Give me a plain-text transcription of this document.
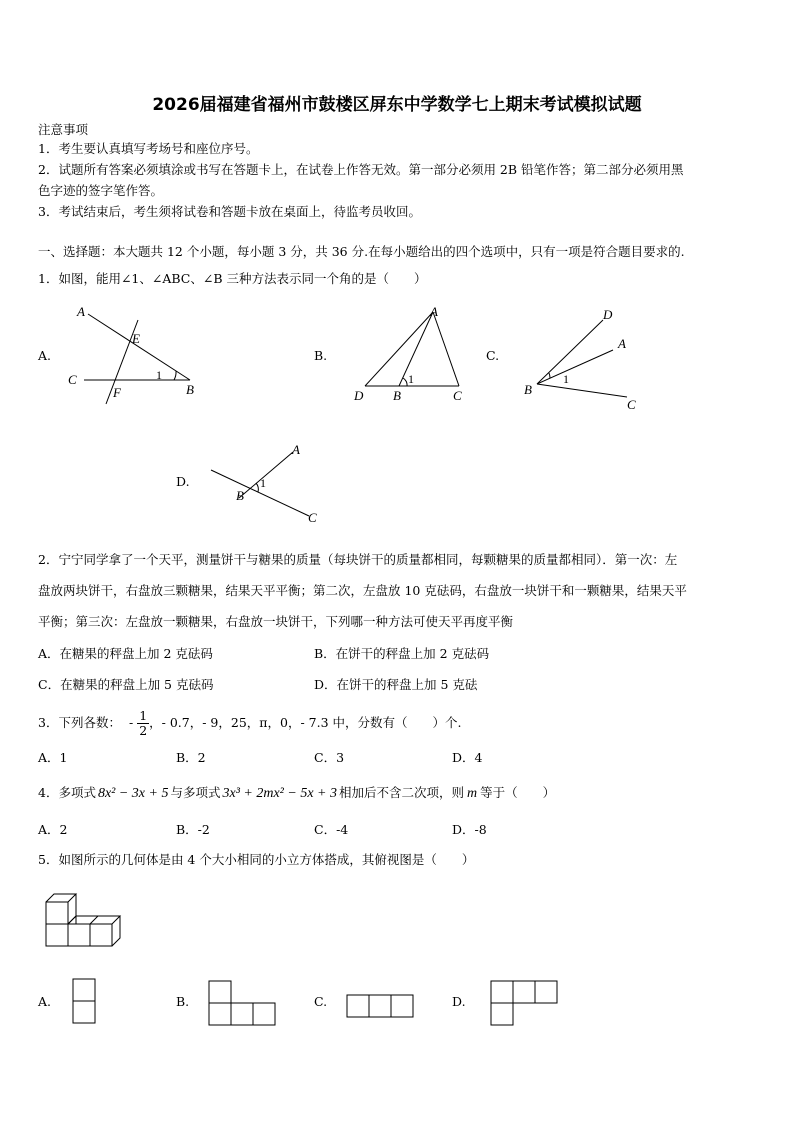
2026届福建省福州市鼓楼区屏东中学数学七上期末考试模拟试题
注意事项
1．考生要认真填写考场号和座位序号。
2．试题所有答案必须填涂或书写在答题卡上，在试卷上作答无效。第一部分必须用 2B 铅笔作答；第二部分必须用黑
色字迹的签字笔作答。
3．考试结束后，考生须将试卷和答题卡放在桌面上，待监考员收回。
一、选择题：本大题共 12 个小题，每小题 3 分，共 36 分.在每小题给出的四个选项中，只有一项是符合题目要求的.
1．如图，能用∠1、∠ABC、∠B 三种方法表示同一个角的是（　　）
A.
A
E
C
F	B
1
B.
A
D B	C
1
C.
D
A
B
C
1
D.
A
B
C
1
2．宁宁同学拿了一个天平，测量饼干与糖果的质量（每块饼干的质量都相同，每颗糖果的质量都相同）．第一次：左
盘放两块饼干，右盘放三颗糖果，结果天平平衡；第二次，左盘放 10 克砝码，右盘放一块饼干和一颗糖果，结果天平
平衡；第三次：左盘放一颗糖果，右盘放一块饼干，下列哪一种方法可使天平再度平衡
A．在糖果的秤盘上加 2 克砝码	B．在饼干的秤盘上加 2 克砝码
C．在糖果的秤盘上加 5 克砝码	D．在饼干的秤盘上加 5 克砝
3．下列各数： - $\frac{1}{2}$ ，- 0.7，- 9，25，π，0，- 7.3 中，分数有（　　）个.
A．1	B．2	C．3	D．4
4．多项式 8x² − 3x + 5 与多项式 3x³ + 2mx² − 5x + 3 相加后不含二次项，则 m 等于（　　）
A．2	B．-2	C．-4	D．-8
5．如图所示的几何体是由 4 个大小相同的小立方体搭成，其俯视图是（　　）
A.	B.	C.	D.
